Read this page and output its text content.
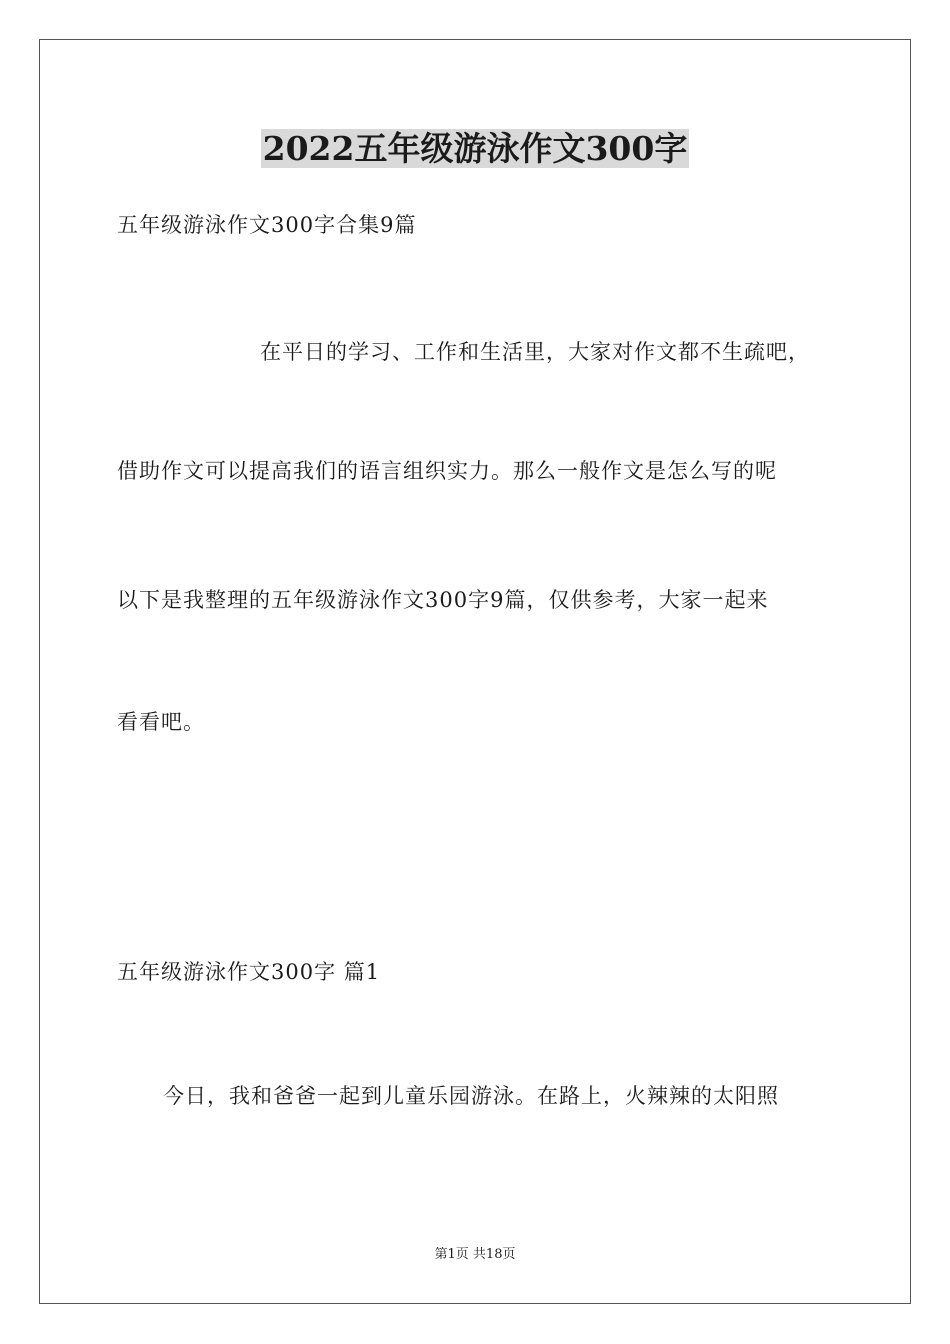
2022五年级游泳作文300字
五年级游泳作文300字合集9篇
在平日的学习、工作和生活里，大家对作文都不生疏吧，
借助作文可以提高我们的语言组织实力。那么一般作文是怎么写的呢
以下是我整理的五年级游泳作文300字9篇，仅供参考，大家一起来
看看吧。
五年级游泳作文300字 篇1
今日，我和爸爸一起到儿童乐园游泳。在路上，火辣辣的太阳照
第1页 共18页
